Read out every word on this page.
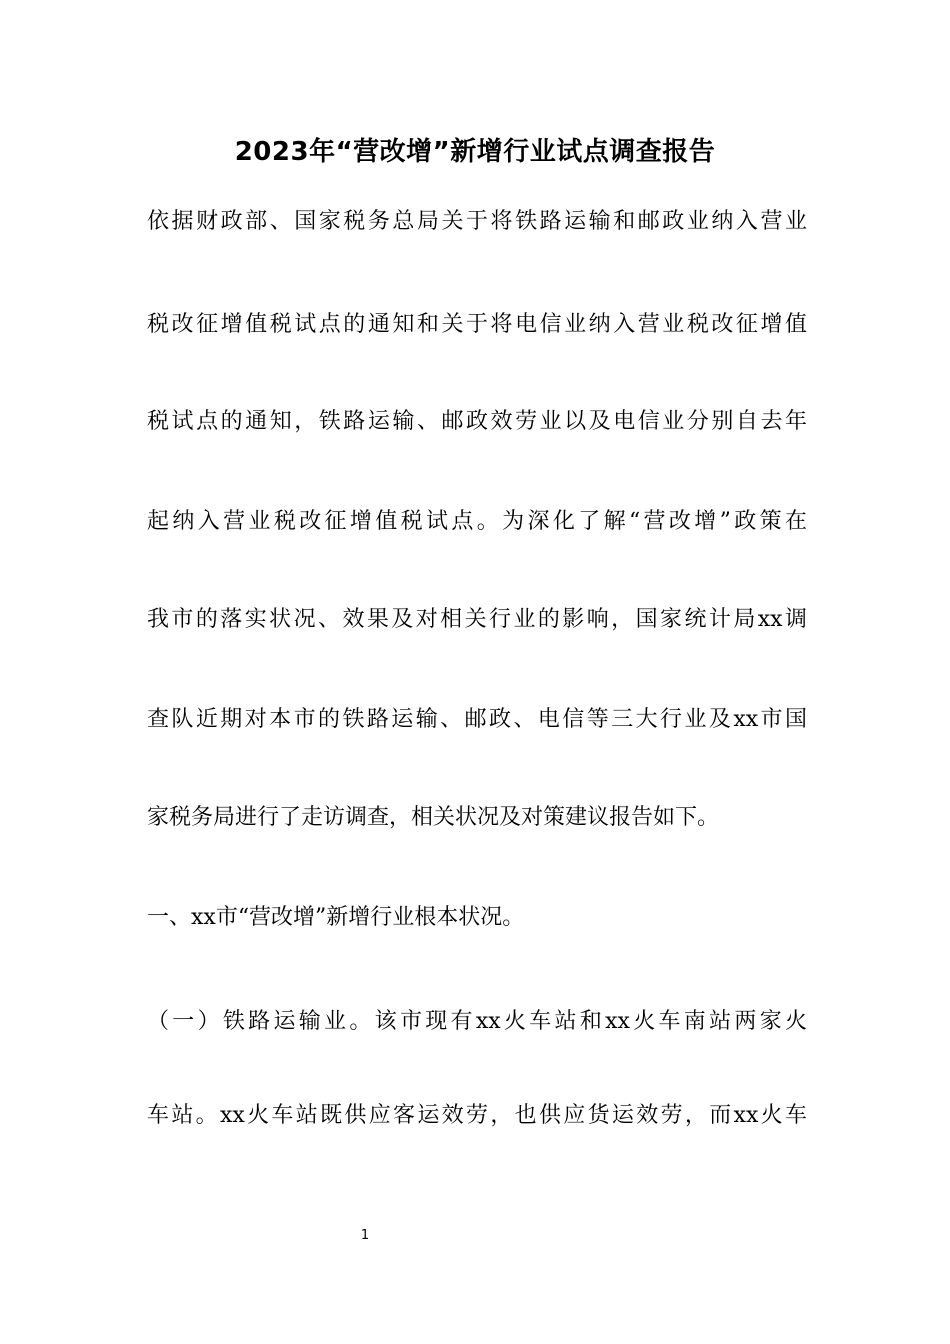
2023年“营改增”新增行业试点调查报告
依据财政部、国家税务总局关于将铁路运输和邮政业纳入营业
税改征增值税试点的通知和关于将电信业纳入营业税改征增值
税试点的通知，铁路运输、邮政效劳业以及电信业分别自去年
起纳入营业税改征增值税试点。为深化了解“营改增”政策在
我市的落实状况、效果及对相关行业的影响，国家统计局xx调
查队近期对本市的铁路运输、邮政、电信等三大行业及xx市国
家税务局进行了走访调查，相关状况及对策建议报告如下。
一、xx市“营改增”新增行业根本状况。
（一）铁路运输业。该市现有xx火车站和xx火车南站两家火
车站。xx火车站既供应客运效劳，也供应货运效劳，而xx火车
1
